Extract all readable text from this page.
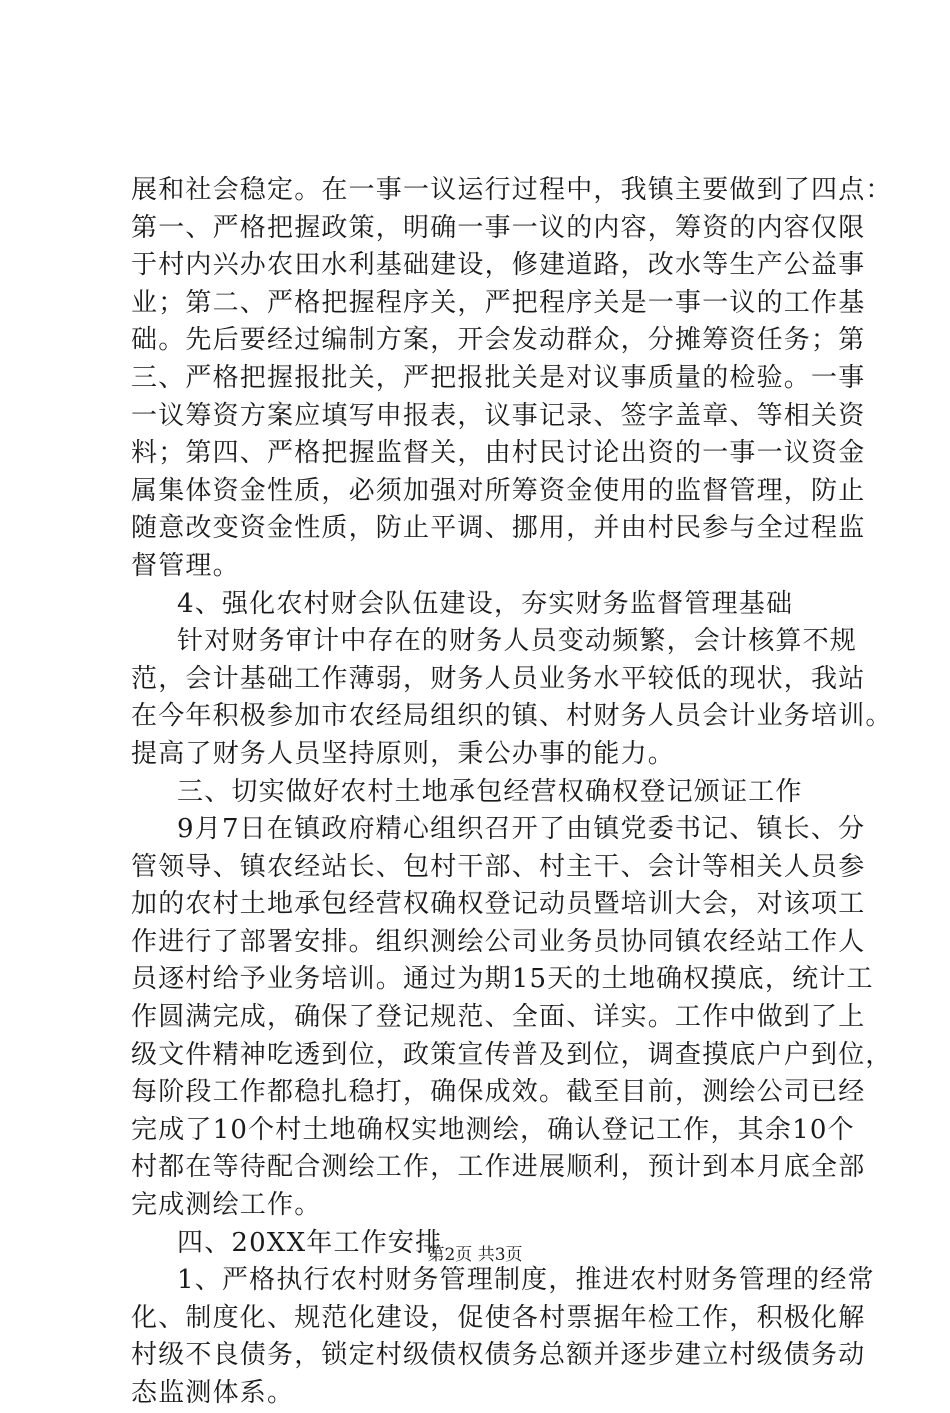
展和社会稳定。在一事一议运行过程中，我镇主要做到了四点：
第一、严格把握政策，明确一事一议的内容，筹资的内容仅限
于村内兴办农田水利基础建设，修建道路，改水等生产公益事
业；第二、严格把握程序关，严把程序关是一事一议的工作基
础。先后要经过编制方案，开会发动群众，分摊筹资任务；第
三、严格把握报批关，严把报批关是对议事质量的检验。一事
一议筹资方案应填写申报表，议事记录、签字盖章、等相关资
料；第四、严格把握监督关，由村民讨论出资的一事一议资金
属集体资金性质，必须加强对所筹资金使用的监督管理，防止
随意改变资金性质，防止平调、挪用，并由村民参与全过程监
督管理。
4、强化农村财会队伍建设，夯实财务监督管理基础
针对财务审计中存在的财务人员变动频繁，会计核算不规
范，会计基础工作薄弱，财务人员业务水平较低的现状，我站
在今年积极参加市农经局组织的镇、村财务人员会计业务培训。
提高了财务人员坚持原则，秉公办事的能力。
三、切实做好农村土地承包经营权确权登记颁证工作
9月7日在镇政府精心组织召开了由镇党委书记、镇长、分
管领导、镇农经站长、包村干部、村主干、会计等相关人员参
加的农村土地承包经营权确权登记动员暨培训大会，对该项工
作进行了部署安排。组织测绘公司业务员协同镇农经站工作人
员逐村给予业务培训。通过为期15天的土地确权摸底，统计工
作圆满完成，确保了登记规范、全面、详实。工作中做到了上
级文件精神吃透到位，政策宣传普及到位，调查摸底户户到位，
每阶段工作都稳扎稳打，确保成效。截至目前，测绘公司已经
完成了10个村土地确权实地测绘，确认登记工作，其余10个
村都在等待配合测绘工作，工作进展顺利，预计到本月底全部
完成测绘工作。
四、20XX年工作安排
1、严格执行农村财务管理制度，推进农村财务管理的经常
化、制度化、规范化建设，促使各村票据年检工作，积极化解
村级不良债务，锁定村级债权债务总额并逐步建立村级债务动
态监测体系。
第2页 共3页
